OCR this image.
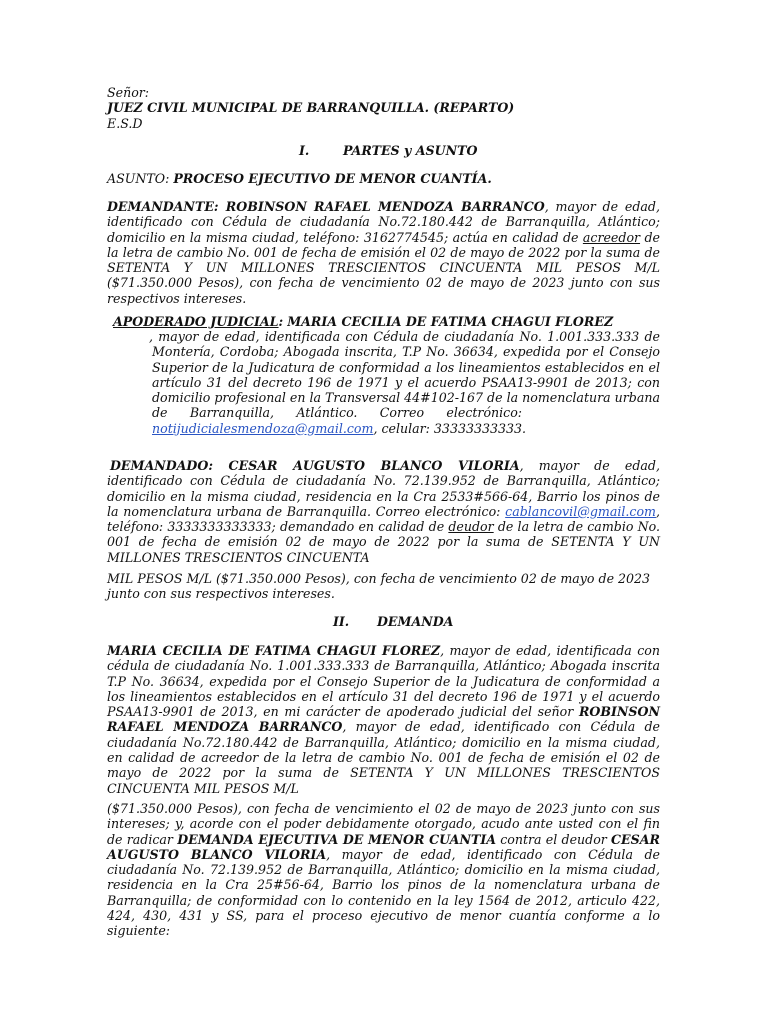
Señor:
JUEZ CIVIL MUNICIPAL DE BARRANQUILLA. (REPARTO)
E.S.D
I.	PARTES y ASUNTO
ASUNTO: PROCESO EJECUTIVO DE MENOR CUANTÍA.

DEMANDANTE: ROBINSON RAFAEL MENDOZA BARRANCO, mayor de edad, identificado con Cédula de ciudadanía No.72.180.442 de Barranquilla, Atlántico; domicilio en la misma ciudad, teléfono: 3162774545; actúa en calidad de acreedor de la letra de cambio No. 001 de fecha de emisión el 02 de mayo de 2022 por la suma de SETENTA Y UN MILLONES TRESCIENTOS CINCUENTA MIL PESOS M/L ($71.350.000 Pesos), con fecha de vencimiento 02 de mayo de 2023 junto con sus respectivos intereses.

APODERADO JUDICIAL: MARIA CECILIA DE FATIMA CHAGUI FLOREZ

, mayor de edad, identificada con Cédula de ciudadanía No. 1.001.333.333 de Montería, Cordoba; Abogada inscrita, T.P No. 36634, expedida por el Consejo Superior de la Judicatura de conformidad a los lineamientos establecidos en el artículo 31 del decreto 196 de 1971 y el acuerdo PSAA13-9901 de 2013; con domicilio profesional en la Transversal 44#102-167 de la nomenclatura urbana de Barranquilla, Atlántico. Correo electrónico:        notijudicialesmendoza@gmail.com, celular: 33333333333.

DEMANDADO: CESAR AUGUSTO BLANCO VILORIA, mayor de edad, identificado con Cédula de ciudadanía No. 72.139.952 de Barranquilla, Atlántico; domicilio en la misma ciudad, residencia en la Cra 2533#566-64, Barrio los pinos de la nomenclatura urbana de Barranquilla. Correo electrónico: cablancovil@gmail.com, teléfono: 3333333333333; demandado en calidad de deudor de la letra de cambio No. 001 de fecha de emisión 02 de mayo de 2022 por la suma de SETENTA Y UN MILLONES TRESCIENTOS CINCUENTA

MIL PESOS M/L ($71.350.000 Pesos), con fecha de vencimiento 02 de mayo de 2023 junto con sus respectivos intereses.

II. DEMANDA

MARIA CECILIA DE FATIMA CHAGUI FLOREZ, mayor de edad, identificada con cédula de ciudadanía No. 1.001.333.333 de Barranquilla, Atlántico; Abogada inscrita T.P No. 36634, expedida por el Consejo Superior de la Judicatura de conformidad a los lineamientos establecidos en el artículo 31 del decreto 196 de 1971 y el acuerdo PSAA13-9901 de 2013, en mi carácter de apoderado judicial del señor ROBINSON RAFAEL MENDOZA BARRANCO, mayor de edad, identificado con Cédula de ciudadanía No.72.180.442 de Barranquilla, Atlántico; domicilio en la misma ciudad, en calidad de acreedor de la letra de cambio No. 001 de fecha de emisión el 02 de mayo de 2022 por la suma de SETENTA Y UN MILLONES TRESCIENTOS CINCUENTA MIL PESOS M/L

($71.350.000 Pesos), con fecha de vencimiento el 02 de mayo de 2023 junto con sus intereses; y, acorde con el poder debidamente otorgado, acudo ante usted con el fin de radicar DEMANDA EJECUTIVA DE MENOR CUANTIA contra el deudor CESAR AUGUSTO BLANCO VILORIA, mayor de edad, identificado con Cédula de ciudadanía No. 72.139.952 de Barranquilla, Atlántico; domicilio en la misma ciudad, residencia en la Cra 25#56-64, Barrio los pinos de la nomenclatura urbana de Barranquilla; de conformidad con lo contenido en la ley 1564 de 2012, articulo 422, 424, 430, 431 y SS, para el proceso ejecutivo de menor cuantía conforme a lo siguiente:
